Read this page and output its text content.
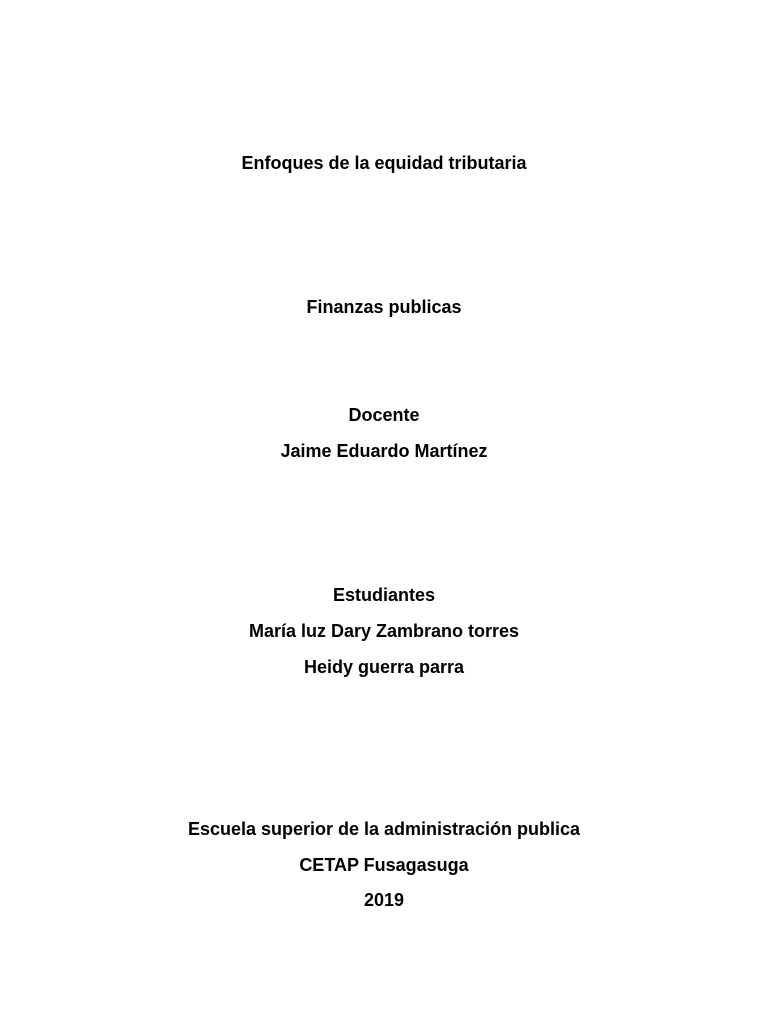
Enfoques de la equidad tributaria
Finanzas publicas
Docente
Jaime Eduardo Martínez
Estudiantes
María luz Dary Zambrano torres
Heidy guerra parra
Escuela superior de la administración publica
CETAP Fusagasuga
2019
